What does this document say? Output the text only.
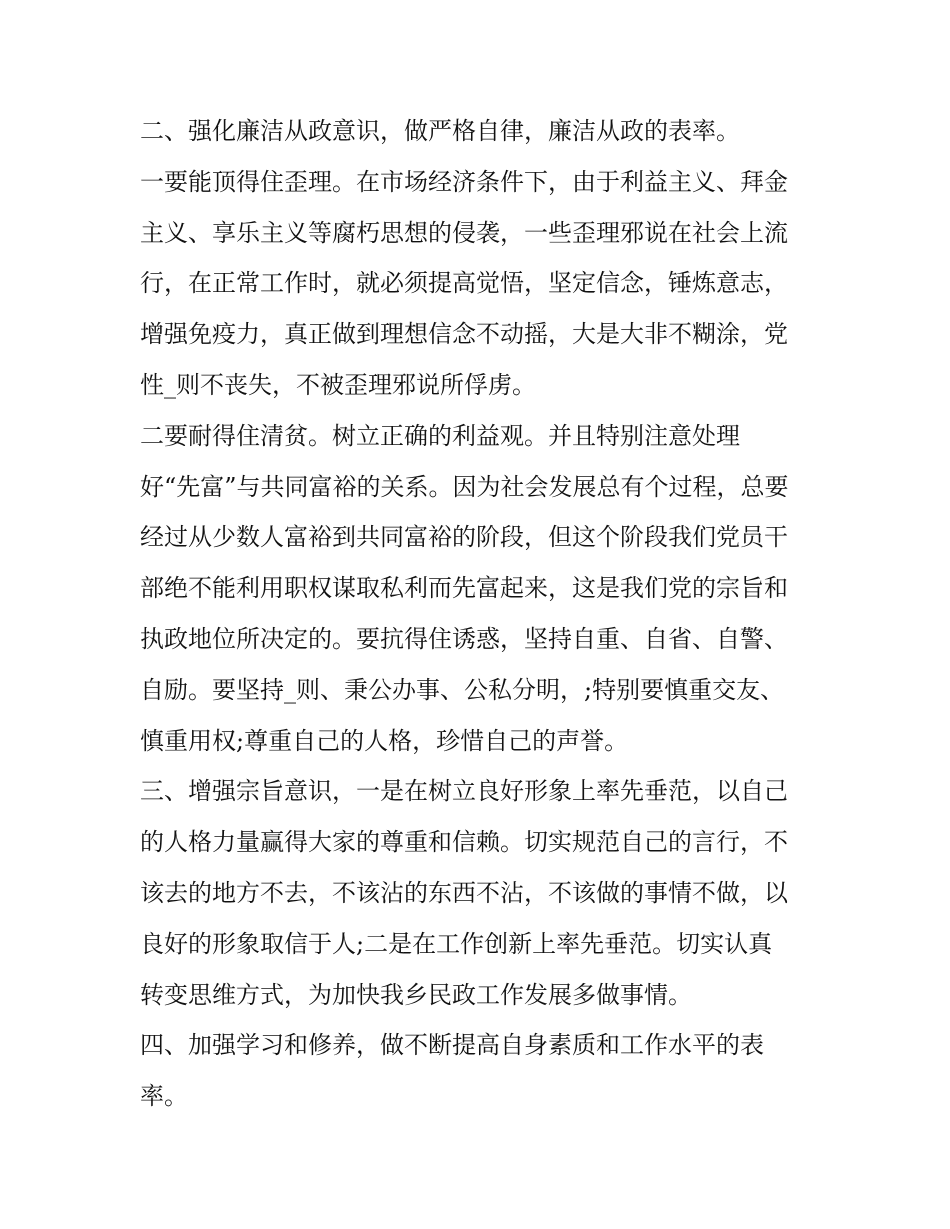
二、强化廉洁从政意识，做严格自律，廉洁从政的表率。
一要能顶得住歪理。在市场经济条件下，由于利益主义、拜金
主义、享乐主义等腐朽思想的侵袭，一些歪理邪说在社会上流
行，在正常工作时，就必须提高觉悟，坚定信念，锤炼意志，
增强免疫力，真正做到理想信念不动摇，大是大非不糊涂，党
性_则不丧失，不被歪理邪说所俘虏。
二要耐得住清贫。树立正确的利益观。并且特别注意处理
好“先富”与共同富裕的关系。因为社会发展总有个过程，总要
经过从少数人富裕到共同富裕的阶段，但这个阶段我们党员干
部绝不能利用职权谋取私利而先富起来，这是我们党的宗旨和
执政地位所决定的。要抗得住诱惑，坚持自重、自省、自警、
自励。要坚持_则、秉公办事、公私分明，;特别要慎重交友、
慎重用权;尊重自己的人格，珍惜自己的声誉。
三、增强宗旨意识，一是在树立良好形象上率先垂范，以自己
的人格力量赢得大家的尊重和信赖。切实规范自己的言行，不
该去的地方不去，不该沾的东西不沾，不该做的事情不做，以
良好的形象取信于人;二是在工作创新上率先垂范。切实认真
转变思维方式，为加快我乡民政工作发展多做事情。
四、加强学习和修养，做不断提高自身素质和工作水平的表
率。
